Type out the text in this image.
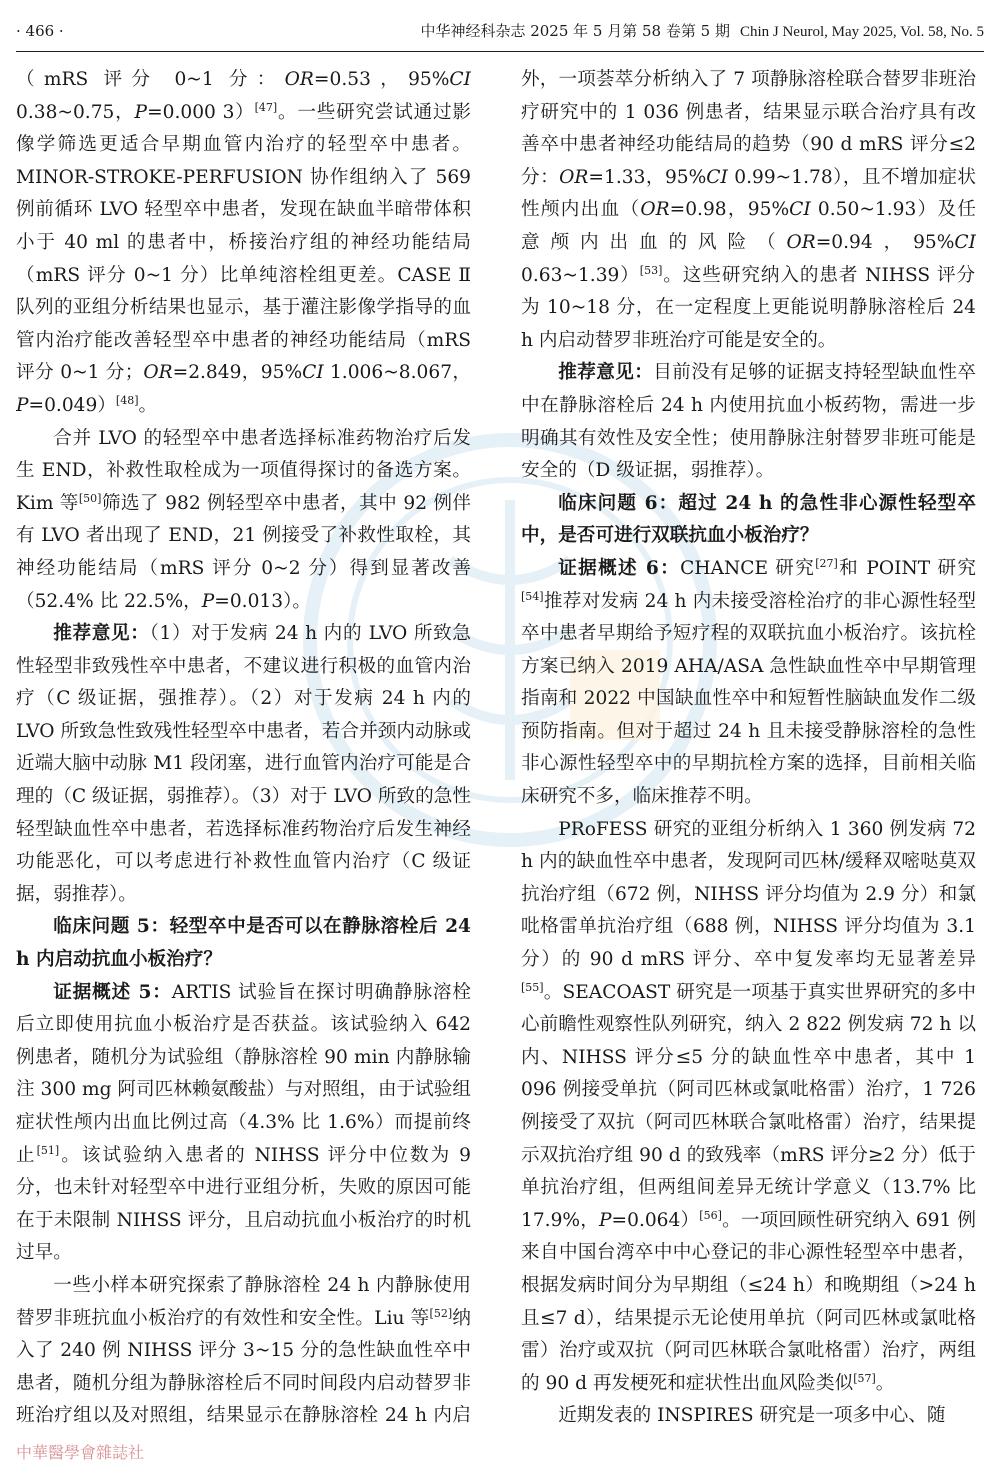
· 466 ·	中华神经科杂志 2025 年 5 月第 58 卷第 5 期 Chin J Neurol, May 2025, Vol. 58, No. 5

（mRS 评分 0~1 分：OR=0.53，95%CI 0.38~0.75，P=0.000 3）[47]。一些研究尝试通过影像学筛选更适合早期血管内治疗的轻型卒中患者。MINOR-STROKE-PERFUSION 协作组纳入了 569 例前循环 LVO 轻型卒中患者，发现在缺血半暗带体积小于 40 ml 的患者中，桥接治疗组的神经功能结局（mRS 评分 0~1 分）比单纯溶栓组更差。CASE Ⅱ 队列的亚组分析结果也显示，基于灌注影像学指导的血管内治疗能改善轻型卒中患者的神经功能结局（mRS 评分 0~1 分；OR=2.849，95%CI 1.006~8.067，P=0.049）[48]。

合并 LVO 的轻型卒中患者选择标准药物治疗后发生 END，补救性取栓成为一项值得探讨的备选方案。Kim 等[50]筛选了 982 例轻型卒中患者，其中 92 例伴有 LVO 者出现了 END，21 例接受了补救性取栓，其神经功能结局（mRS 评分 0~2 分）得到显著改善（52.4% 比 22.5%，P=0.013）。

推荐意见：（1）对于发病 24 h 内的 LVO 所致急性轻型非致残性卒中患者，不建议进行积极的血管内治疗（C 级证据，强推荐）。（2）对于发病 24 h 内的 LVO 所致急性致残性轻型卒中患者，若合并颈内动脉或近端大脑中动脉 M1 段闭塞，进行血管内治疗可能是合理的（C 级证据，弱推荐）。（3）对于 LVO 所致的急性轻型缺血性卒中患者，若选择标准药物治疗后发生神经功能恶化，可以考虑进行补救性血管内治疗（C 级证据，弱推荐）。

临床问题 5：轻型卒中是否可以在静脉溶栓后 24 h 内启动抗血小板治疗？

证据概述 5：ARTIS 试验旨在探讨明确静脉溶栓后立即使用抗血小板治疗是否获益。该试验纳入 642 例患者，随机分为试验组（静脉溶栓 90 min 内静脉输注 300 mg 阿司匹林赖氨酸盐）与对照组，由于试验组症状性颅内出血比例过高（4.3% 比 1.6%）而提前终止[51]。该试验纳入患者的 NIHSS 评分中位数为 9 分，也未针对轻型卒中进行亚组分析，失败的原因可能在于未限制 NIHSS 评分，且启动抗血小板治疗的时机过早。

一些小样本研究探索了静脉溶栓 24 h 内静脉使用替罗非班抗血小板治疗的有效性和安全性。Liu 等[52]纳入了 240 例 NIHSS 评分 3~15 分的急性缺血性卒中患者，随机分组为静脉溶栓后不同时间段内启动替罗非班治疗组以及对照组，结果显示在静脉溶栓 24 h 内启

外，一项荟萃分析纳入了 7 项静脉溶栓联合替罗非班治疗研究中的 1 036 例患者，结果显示联合治疗具有改善卒中患者神经功能结局的趋势（90 d mRS 评分≤2 分：OR=1.33，95%CI 0.99~1.78），且不增加症状性颅内出血（OR=0.98，95%CI 0.50~1.93）及任意颅内出血的风险（OR=0.94，95%CI 0.63~1.39）[53]。这些研究纳入的患者 NIHSS 评分为 10~18 分，在一定程度上更能说明静脉溶栓后 24 h 内启动替罗非班治疗可能是安全的。

推荐意见：目前没有足够的证据支持轻型缺血性卒中在静脉溶栓后 24 h 内使用抗血小板药物，需进一步明确其有效性及安全性；使用静脉注射替罗非班可能是安全的（D 级证据，弱推荐）。

临床问题 6：超过 24 h 的急性非心源性轻型卒中，是否可进行双联抗血小板治疗？

证据概述 6：CHANCE 研究[27]和 POINT 研究[54]推荐对发病 24 h 内未接受溶栓治疗的非心源性轻型卒中患者早期给予短疗程的双联抗血小板治疗。该抗栓方案已纳入 2019 AHA/ASA 急性缺血性卒中早期管理指南和 2022 中国缺血性卒中和短暂性脑缺血发作二级预防指南。但对于超过 24 h 且未接受静脉溶栓的急性非心源性轻型卒中的早期抗栓方案的选择，目前相关临床研究不多，临床推荐不明。

PRoFESS 研究的亚组分析纳入 1 360 例发病 72 h 内的缺血性卒中患者，发现阿司匹林/缓释双嘧哒莫双抗治疗组（672 例，NIHSS 评分均值为 2.9 分）和氯吡格雷单抗治疗组（688 例，NIHSS 评分均值为 3.1 分）的 90 d mRS 评分、卒中复发率均无显著差异[55]。SEACOAST 研究是一项基于真实世界研究的多中心前瞻性观察性队列研究，纳入 2 822 例发病 72 h 以内、NIHSS 评分≤5 分的缺血性卒中患者，其中 1 096 例接受单抗（阿司匹林或氯吡格雷）治疗，1 726 例接受了双抗（阿司匹林联合氯吡格雷）治疗，结果提示双抗治疗组 90 d 的致残率（mRS 评分≥2 分）低于单抗治疗组，但两组间差异无统计学意义（13.7% 比 17.9%，P=0.064）[56]。一项回顾性研究纳入 691 例来自中国台湾卒中中心登记的非心源性轻型卒中患者，根据发病时间分为早期组（≤24 h）和晚期组（>24 h 且≤7 d），结果提示无论使用单抗（阿司匹林或氯吡格雷）治疗或双抗（阿司匹林联合氯吡格雷）治疗，两组的 90 d 再发梗死和症状性出血风险类似[57]。

近期发表的 INSPIRES 研究是一项多中心、随

中華醫學會雜誌社
